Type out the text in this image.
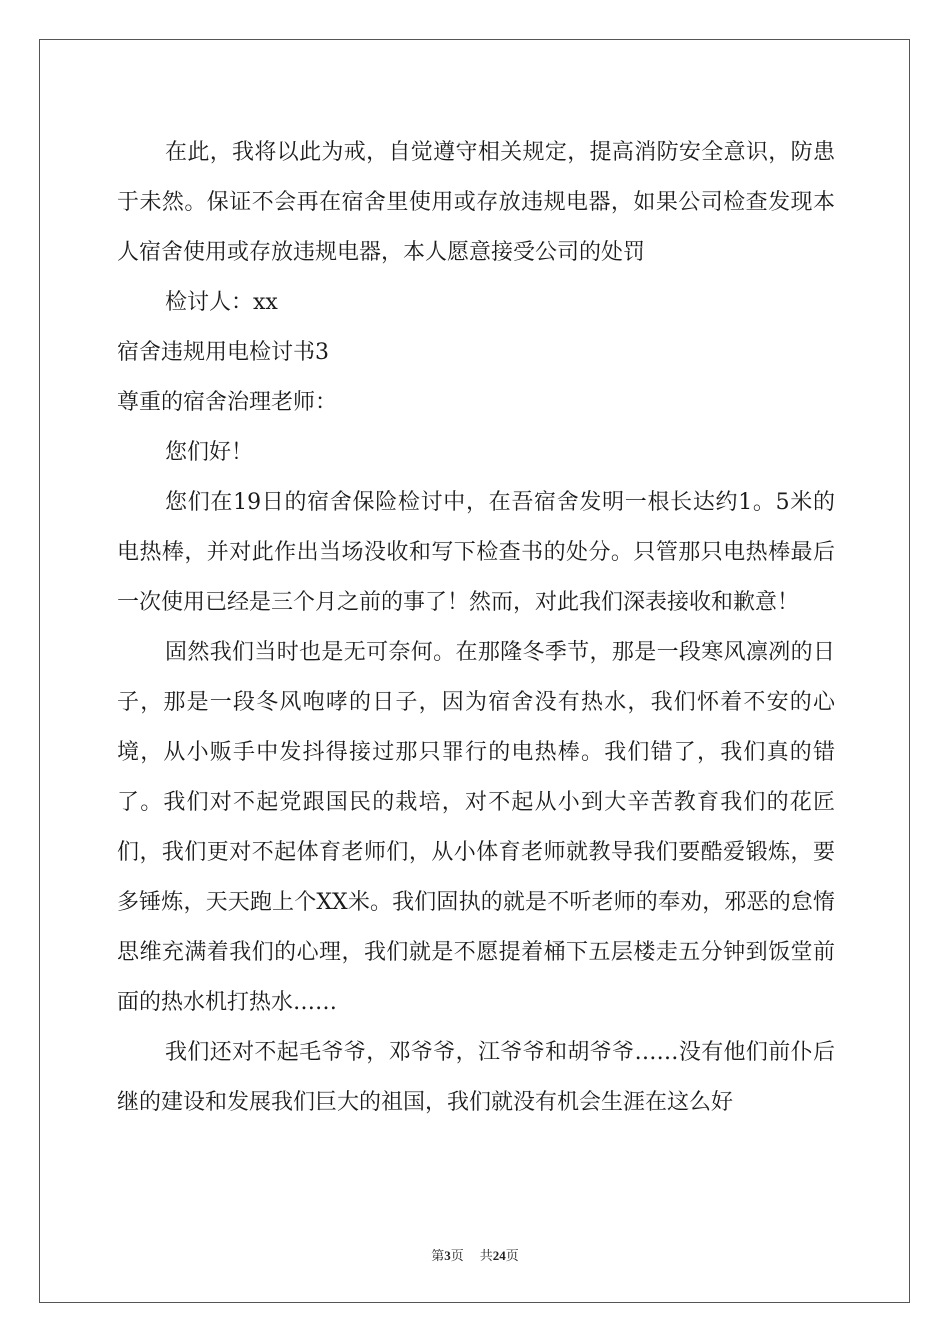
在此，我将以此为戒，自觉遵守相关规定，提高消防安全意识，防患于未然。保证不会再在宿舍里使用或存放违规电器，如果公司检查发现本人宿舍使用或存放违规电器，本人愿意接受公司的处罚

检讨人：xx

宿舍违规用电检讨书3

尊重的宿舍治理老师：

您们好！

您们在19日的宿舍保险检讨中，在吾宿舍发明一根长达约1。5米的电热棒，并对此作出当场没收和写下检查书的处分。只管那只电热棒最后一次使用已经是三个月之前的事了！然而，对此我们深表接收和歉意！

固然我们当时也是无可奈何。在那隆冬季节，那是一段寒风凛冽的日子，那是一段冬风咆哮的日子，因为宿舍没有热水，我们怀着不安的心境，从小贩手中发抖得接过那只罪行的电热棒。我们错了，我们真的错了。我们对不起党跟国民的栽培，对不起从小到大辛苦教育我们的花匠们，我们更对不起体育老师们，从小体育老师就教导我们要酷爱锻炼，要多锤炼，天天跑上个XX米。我们固执的就是不听老师的奉劝，邪恶的怠惰思维充满着我们的心理，我们就是不愿提着桶下五层楼走五分钟到饭堂前面的热水机打热水……

我们还对不起毛爷爷，邓爷爷，江爷爷和胡爷爷……没有他们前仆后继的建设和发展我们巨大的祖国，我们就没有机会生涯在这么好

第3页 共24页
